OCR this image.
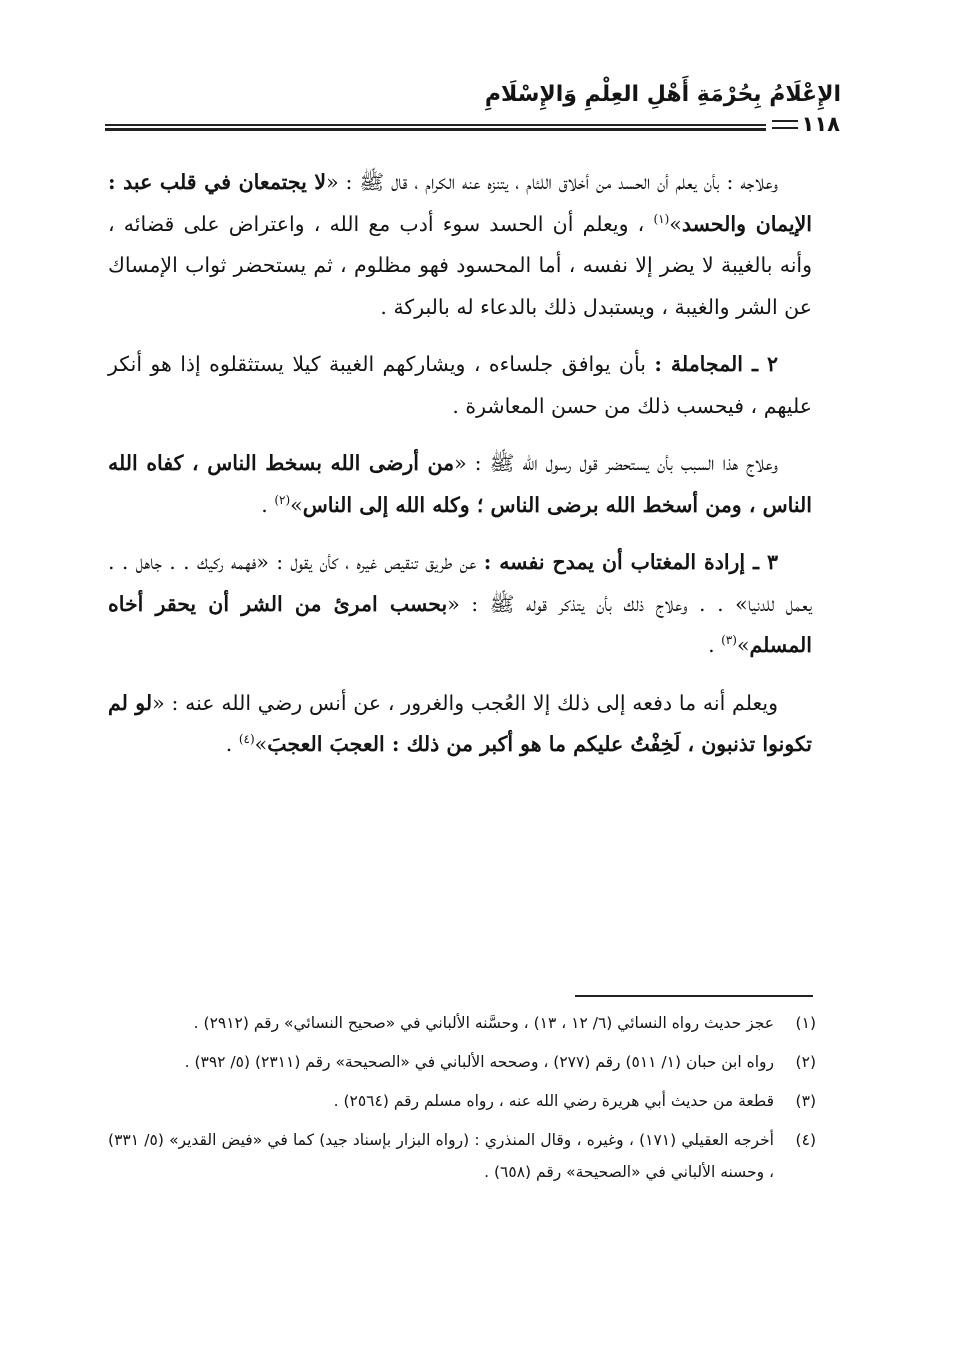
الإِعْلَامُ بِحُرْمَةِ أَهْلِ العِلْمِ وَالإِسْلَامِ
١١٨

وعلاجه : بأن يعلم أن الحسد من أخلاق اللئام ، يتنزه عنه الكرام ، قال ﷺ : «لا يجتمعان في قلب عبد : الإيمان والحسد»$^{(١)}$ ، ويعلم أن الحسد سوء أدب مع الله ، واعتراض على قضائه ، وأنه بالغيبة لا يضر إلا نفسه ، أما المحسود فهو مظلوم ، ثم يستحضر ثواب الإمساك عن الشر والغيبة ، ويستبدل ذلك بالدعاء له بالبركة .

٢ ـ المجاملة : بأن يوافق جلساءه ، ويشاركهم الغيبة كيلا يستثقلوه إذا هو أنكر عليهم ، فيحسب ذلك من حسن المعاشرة .

وعلاج هذا السبب بأن يستحضر قول رسول الله ﷺ : «من أرضى الله بسخط الناس ، كفاه الله الناس ، ومن أسخط الله برضى الناس ؛ وكله الله إلى الناس»$^{(٢)}$ .

٣ ـ إرادة المغتاب أن يمدح نفسه : عن طريق تنقيص غيره ، كأن يقول : «فهمه ركيك . . جاهل . . يعمل للدنيا» . . وعلاج ذلك بأن يتذكر قوله ﷺ : «بحسب امرئ من الشر أن يحقر أخاه المسلم»$^{(٣)}$ .

ويعلم أنه ما دفعه إلى ذلك إلا العُجب والغرور ، عن أنس رضي الله عنه : «لو لم تكونوا تذنبون ، لَخِفْتُ عليكم ما هو أكبر من ذلك : العجبَ العجبَ»$^{(٤)}$ .

(١)
عجز حديث رواه النسائي (٦/ ١٢ ، ١٣) ، وحسَّنه الألباني في «صحيح النسائي» رقم (٢٩١٢) .
(٢)
رواه ابن حبان (١/ ٥١١) رقم (٢٧٧) ، وصححه الألباني في «الصحيحة» رقم (٢٣١١) (٥/ ٣٩٢) .
(٣)
قطعة من حديث أبي هريرة رضي الله عنه ، رواه مسلم رقم (٢٥٦٤) .
(٤)
أخرجه العقيلي (١٧١) ، وغيره ، وقال المنذري : (رواه البزار بإسناد جيد) كما في «فيض القدير» (٥/ ٣٣١) ، وحسنه الألباني في «الصحيحة» رقم (٦٥٨) .
